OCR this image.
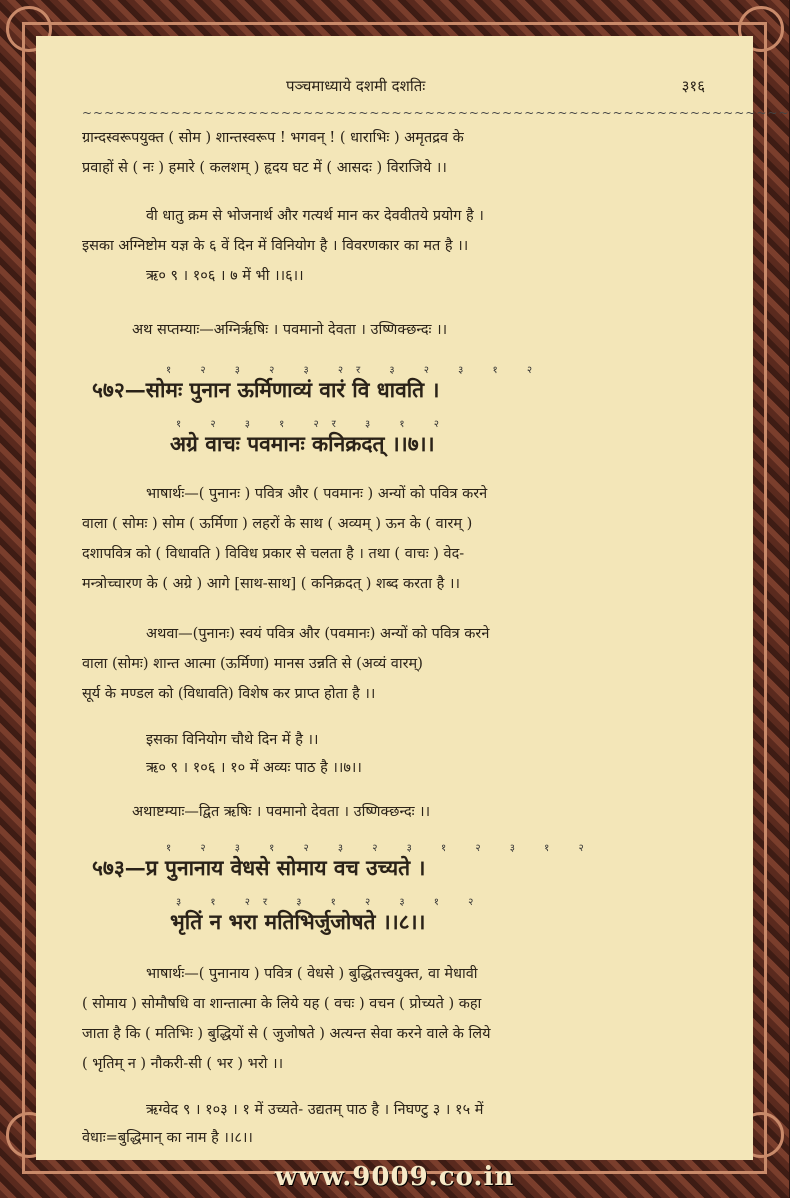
पञ्चमाध्याये दशमी दशतिः	३१६
~~~~~~~~~~~~~~~~~~~~~~~~~~~~~~~~~~~~~~~~~~~~~~~~~~~~~~~~~~~~~~~~
ग्रान्दस्वरूपयुक्त ( सोम ) शान्तस्वरूप ! भगवन् ! ( धाराभिः ) अमृतद्रव के
प्रवाहों से ( नः ) हमारे ( कलशम् ) हृदय घट में ( आसदः ) विराजिये ।।
वी धातु क्रम से भोजनार्थ और गत्यर्थ मान कर देववीतये प्रयोग है ।
इसका अग्निष्टोम यज्ञ के ६ वें दिन में विनियोग है । विवरणकार का मत है ।।
ऋ० ९ । १०६ । ७ में भी ।।६।।
अथ सप्तम्याः—अग्निर्ऋषिः । पवमानो देवता । उष्णिक्छन्दः ।।
१ २ ३ २ ३ २र ३ २ ३ १ २
५७२—सोमः पुनान ऊर्मिणाव्यं वारं वि धावति ।
१ २ ३ १ २र ३ १ २
अग्रे वाचः पवमानः कनिक्रदत् ।।७।।
भाषार्थः—( पुनानः ) पवित्र और ( पवमानः ) अन्यों को पवित्र करने
वाला ( सोमः ) सोम ( ऊर्मिणा ) लहरों के साथ ( अव्यम् ) ऊन के ( वारम् )
दशापवित्र को ( विधावति ) विविध प्रकार से चलता है । तथा ( वाचः ) वेद-
मन्त्रोच्चारण के ( अग्रे ) आगे [साथ-साथ] ( कनिक्रदत् ) शब्द करता है ।।
अथवा—(पुनानः) स्वयं पवित्र और (पवमानः) अन्यों को पवित्र करने
वाला (सोमः) शान्त आत्मा (ऊर्मिणा) मानस उन्नति से (अव्यं वारम्)
सूर्य के मण्डल को (विधावति) विशेष कर प्राप्त होता है ।।
इसका विनियोग चौथे दिन में है ।।
ऋ० ९ । १०६ । १० में अव्यः पाठ है ।।७।।
अथाष्टम्याः—द्वित ऋषिः । पवमानो देवता । उष्णिक्छन्दः ।।
१ २ ३ १ २ ३ २ ३ १ २ ३ १ २
५७३—प्र पुनानाय वेधसे सोमाय वच उच्यते ।
३ १ २र ३ १ २ ३ १ २
भृतिं न भरा मतिभिर्जुजोषते ।।८।।
भाषार्थः—( पुनानाय ) पवित्र ( वेधसे ) बुद्धितत्त्वयुक्त, वा मेधावी
( सोमाय ) सोमौषधि वा शान्तात्मा के लिये यह ( वचः ) वचन ( प्रोच्यते ) कहा
जाता है कि ( मतिभिः ) बुद्धियों से ( जुजोषते ) अत्यन्त सेवा करने वाले के लिये
( भृतिम् न ) नौकरी-सी ( भर ) भरो ।।
ऋग्वेद ९ । १०३ । १ में उच्यते- उद्यतम् पाठ है । निघण्टु ३ । १५ में
वेधाः=बुद्धिमान् का नाम है ।।८।।
www.9009.co.in
